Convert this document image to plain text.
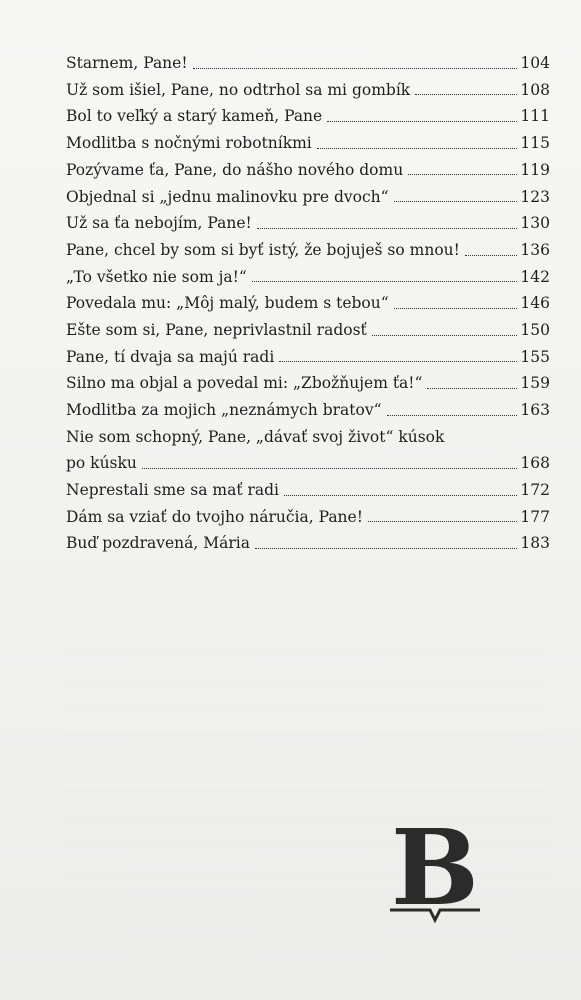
Starnem, Pane!	104
Už som išiel, Pane, no odtrhol sa mi gombík	108
Bol to veľký a starý kameň, Pane	111
Modlitba s nočnými robotníkmi	115
Pozývame ťa, Pane, do nášho nového domu	119
Objednal si „jednu malinovku pre dvoch“	123
Už sa ťa nebojím, Pane!	130
Pane, chcel by som si byť istý, že bojuješ so mnou!	136
„To všetko nie som ja!“	142
Povedala mu: „Môj malý, budem s tebou“	146
Ešte som si, Pane, neprivlastnil radosť	150
Pane, tí dvaja sa majú radi	155
Silno ma objal a povedal mi: „Zbožňujem ťa!“	159
Modlitba za mojich „neznámych bratov“	163
Nie som schopný, Pane, „dávať svoj život“ kúsok
po kúsku	168
Neprestali sme sa mať radi	172
Dám sa vziať do tvojho náručia, Pane!	177
Buď pozdravená, Mária	183
B
